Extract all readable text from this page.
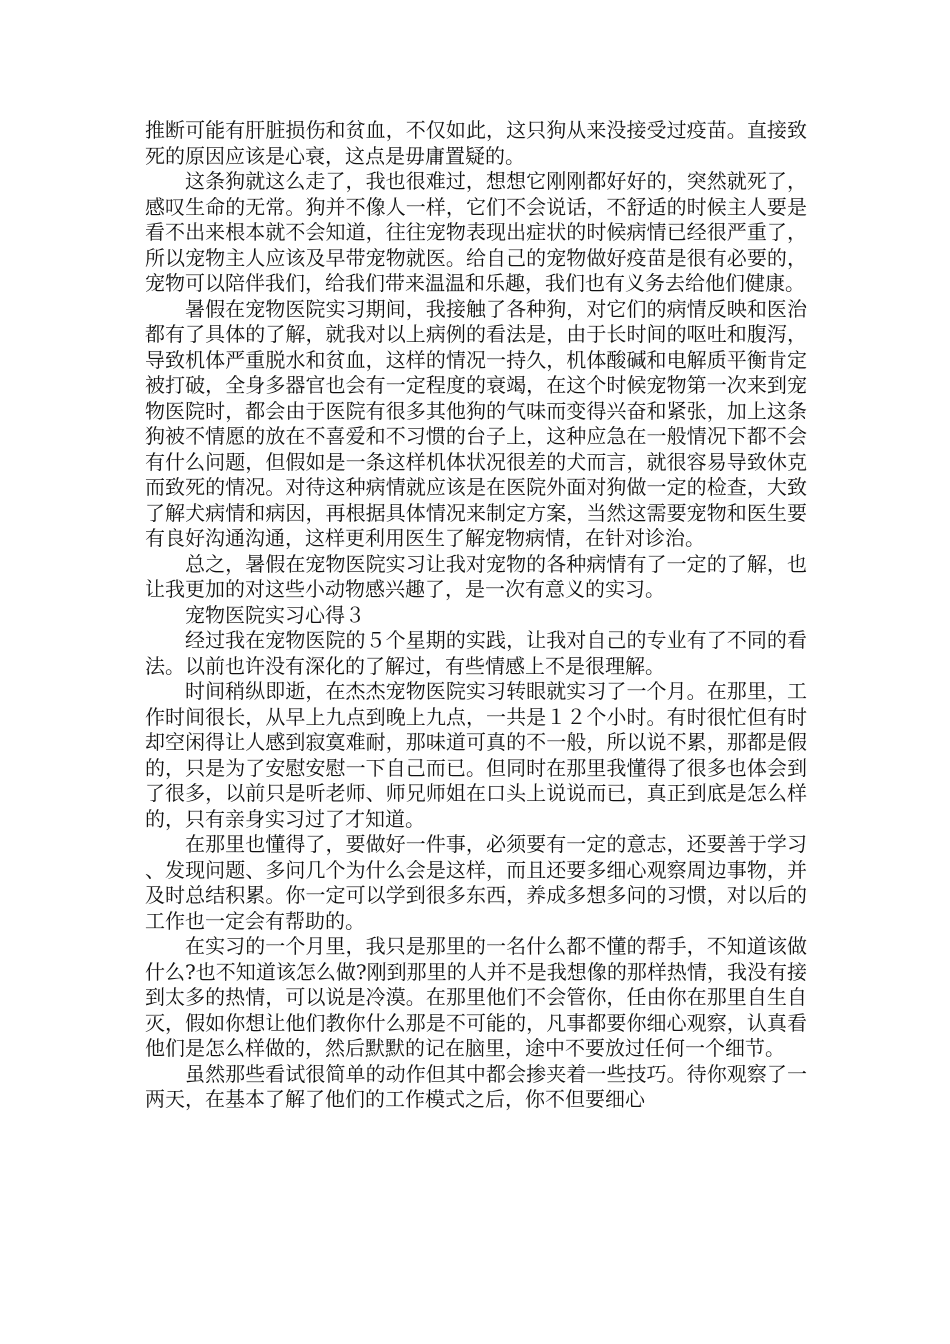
推断可能有肝脏损伤和贫血，不仅如此，这只狗从来没接受过疫苗。直接致死的原因应该是心衰，这点是毋庸置疑的。

这条狗就这么走了，我也很难过，想想它刚刚都好好的，突然就死了，感叹生命的无常。狗并不像人一样，它们不会说话，不舒适的时候主人要是看不出来根本就不会知道，往往宠物表现出症状的时候病情已经很严重了，所以宠物主人应该及早带宠物就医。给自己的宠物做好疫苗是很有必要的，宠物可以陪伴我们，给我们带来温温和乐趣，我们也有义务去给他们健康。

暑假在宠物医院实习期间，我接触了各种狗，对它们的病情反映和医治都有了具体的了解，就我对以上病例的看法是，由于长时间的呕吐和腹泻，导致机体严重脱水和贫血，这样的情况一持久，机体酸碱和电解质平衡肯定被打破，全身多器官也会有一定程度的衰竭，在这个时候宠物第一次来到宠物医院时，都会由于医院有很多其他狗的气味而变得兴奋和紧张，加上这条狗被不情愿的放在不喜爱和不习惯的台子上，这种应急在一般情况下都不会有什么问题，但假如是一条这样机体状况很差的犬而言，就很容易导致休克而致死的情况。对待这种病情就应该是在医院外面对狗做一定的检查，大致了解犬病情和病因，再根据具体情况来制定方案，当然这需要宠物和医生要有良好沟通沟通，这样更利用医生了解宠物病情，在针对诊治。

总之，暑假在宠物医院实习让我对宠物的各种病情有了一定的了解，也让我更加的对这些小动物感兴趣了，是一次有意义的实习。

宠物医院实习心得３

经过我在宠物医院的５个星期的实践，让我对自己的专业有了不同的看法。以前也许没有深化的了解过，有些情感上不是很理解。

时间稍纵即逝，在杰杰宠物医院实习转眼就实习了一个月。在那里，工作时间很长，从早上九点到晚上九点，一共是１２个小时。有时很忙但有时却空闲得让人感到寂寞难耐，那味道可真的不一般，所以说不累，那都是假的，只是为了安慰安慰一下自己而已。但同时在那里我懂得了很多也体会到了很多，以前只是听老师、师兄师姐在口头上说说而已，真正到底是怎么样的，只有亲身实习过了才知道。

在那里也懂得了，要做好一件事，必须要有一定的意志，还要善于学习、发现问题、多问几个为什么会是这样，而且还要多细心观察周边事物，并及时总结积累。你一定可以学到很多东西，养成多想多问的习惯，对以后的工作也一定会有帮助的。

在实习的一个月里，我只是那里的一名什么都不懂的帮手，不知道该做什么?也不知道该怎么做?刚到那里的人并不是我想像的那样热情，我没有接到太多的热情，可以说是冷漠。在那里他们不会管你，任由你在那里自生自灭，假如你想让他们教你什么那是不可能的，凡事都要你细心观察，认真看他们是怎么样做的，然后默默的记在脑里，途中不要放过任何一个细节。

虽然那些看试很简单的动作但其中都会掺夹着一些技巧。待你观察了一两天，在基本了解了他们的工作模式之后，你不但要细心
